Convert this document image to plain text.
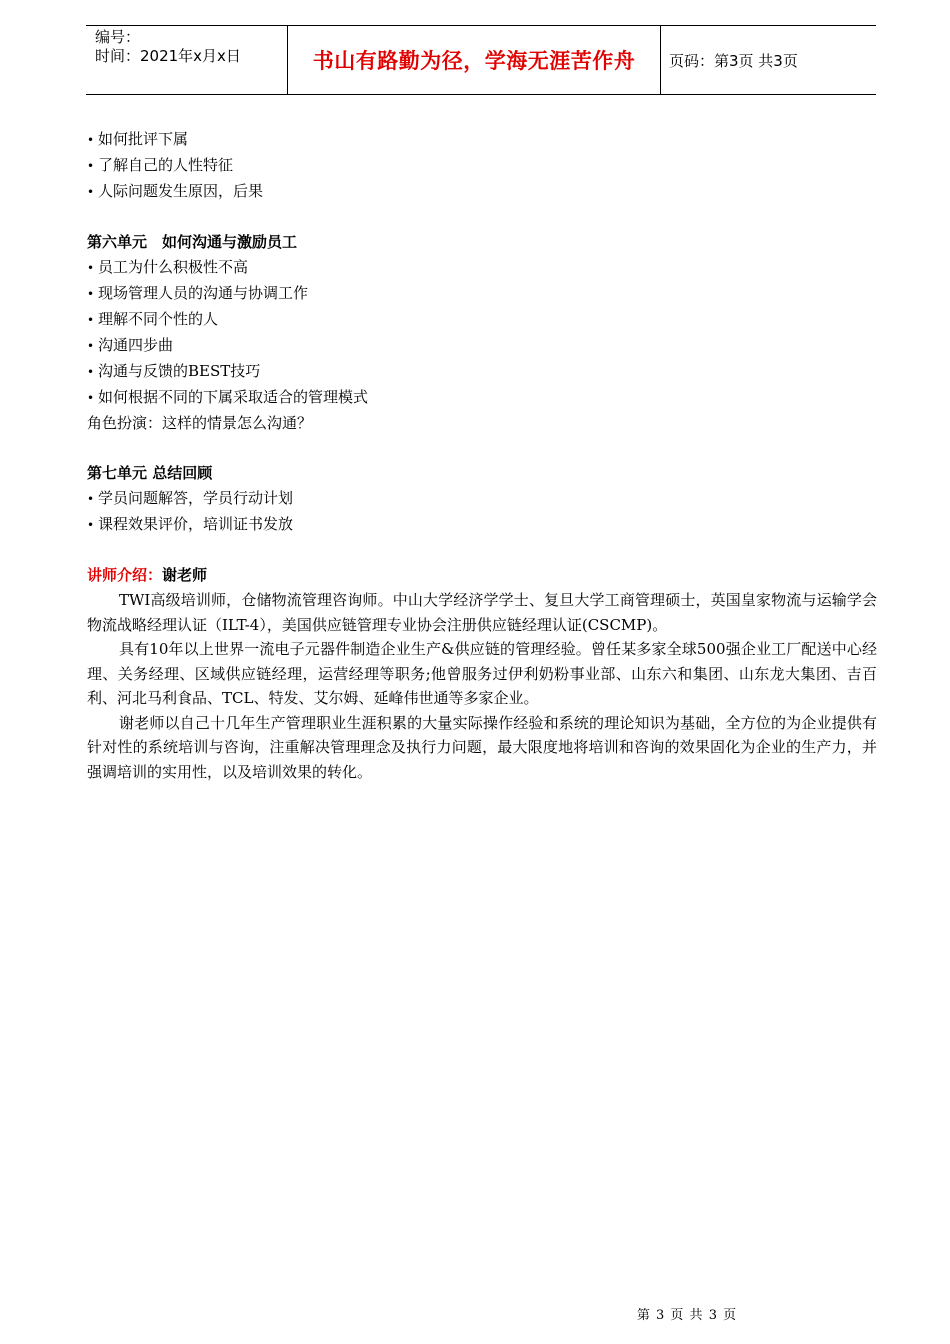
编号：
时间：2021年x月x日	书山有路勤为径，学海无涯苦作舟	页码：第3页 共3页
• 如何批评下属
• 了解自己的人性特征
• 人际问题发生原因，后果
第六单元　如何沟通与激励员工
• 员工为什么积极性不高
• 现场管理人员的沟通与协调工作
• 理解不同个性的人
• 沟通四步曲
• 沟通与反馈的BEST技巧
• 如何根据不同的下属采取适合的管理模式
角色扮演：这样的情景怎么沟通？
第七单元 总结回顾
• 学员问题解答，学员行动计划
• 课程效果评价，培训证书发放
讲师介绍：谢老师
TWI高级培训师，仓储物流管理咨询师。中山大学经济学学士、复旦大学工商管理硕士，英国皇家物流与运输学会物流战略经理认证（ILT-4），美国供应链管理专业协会注册供应链经理认证(CSCMP)。
具有10年以上世界一流电子元器件制造企业生产&供应链的管理经验。曾任某多家全球500强企业工厂配送中心经理、关务经理、区域供应链经理，运营经理等职务;他曾服务过伊利奶粉事业部、山东六和集团、山东龙大集团、吉百利、河北马利食品、TCL、特发、艾尔姆、延峰伟世通等多家企业。
谢老师以自己十几年生产管理职业生涯积累的大量实际操作经验和系统的理论知识为基础，全方位的为企业提供有针对性的系统培训与咨询，注重解决管理理念及执行力问题，最大限度地将培训和咨询的效果固化为企业的生产力，并强调培训的实用性，以及培训效果的转化。
第 3 页 共 3 页
